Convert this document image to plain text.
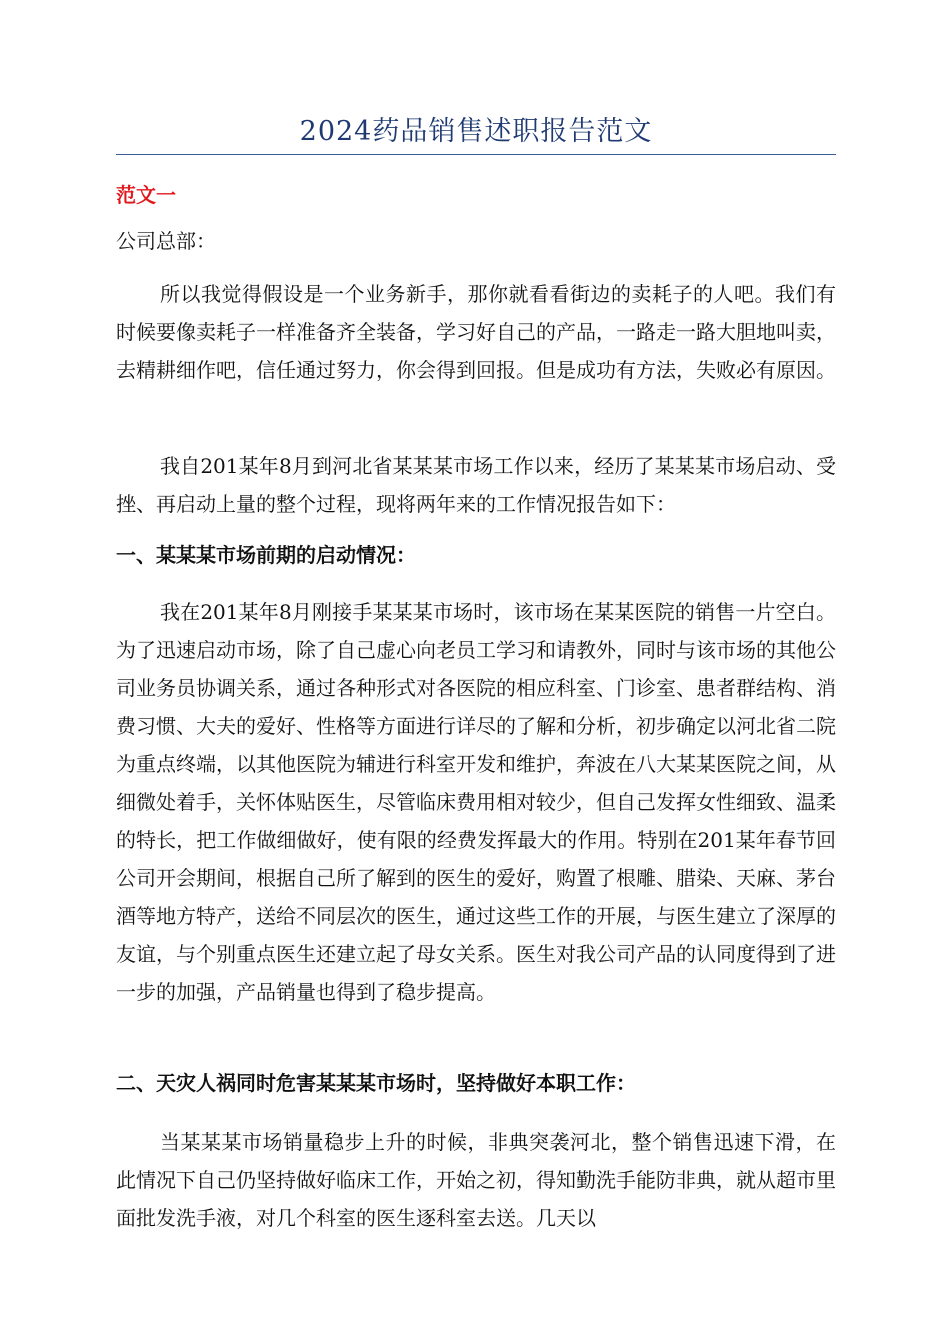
2024药品销售述职报告范文
范文一
公司总部：

所以我觉得假设是一个业务新手，那你就看看街边的卖耗子的人吧。我们有时候要像卖耗子一样准备齐全装备，学习好自己的产品，一路走一路大胆地叫卖，去精耕细作吧，信任通过努力，你会得到回报。但是成功有方法，失败必有原因。

我自201某年8月到河北省某某某市场工作以来，经历了某某某市场启动、受挫、再启动上量的整个过程，现将两年来的工作情况报告如下：

一、某某某市场前期的启动情况：

我在201某年8月刚接手某某某市场时，该市场在某某医院的销售一片空白。为了迅速启动市场，除了自己虚心向老员工学习和请教外，同时与该市场的其他公司业务员协调关系，通过各种形式对各医院的相应科室、门诊室、患者群结构、消费习惯、大夫的爱好、性格等方面进行详尽的了解和分析，初步确定以河北省二院为重点终端，以其他医院为辅进行科室开发和维护，奔波在八大某某医院之间，从细微处着手，关怀体贴医生，尽管临床费用相对较少，但自己发挥女性细致、温柔的特长，把工作做细做好，使有限的经费发挥最大的作用。特别在201某年春节回公司开会期间，根据自己所了解到的医生的爱好，购置了根雕、腊染、天麻、茅台酒等地方特产，送给不同层次的医生，通过这些工作的开展，与医生建立了深厚的友谊，与个别重点医生还建立起了母女关系。医生对我公司产品的认同度得到了进一步的加强，产品销量也得到了稳步提高。

二、天灾人祸同时危害某某某市场时，坚持做好本职工作：

当某某某市场销量稳步上升的时候，非典突袭河北，整个销售迅速下滑，在此情况下自己仍坚持做好临床工作，开始之初，得知勤洗手能防非典，就从超市里面批发洗手液，对几个科室的医生逐科室去送。几天以
